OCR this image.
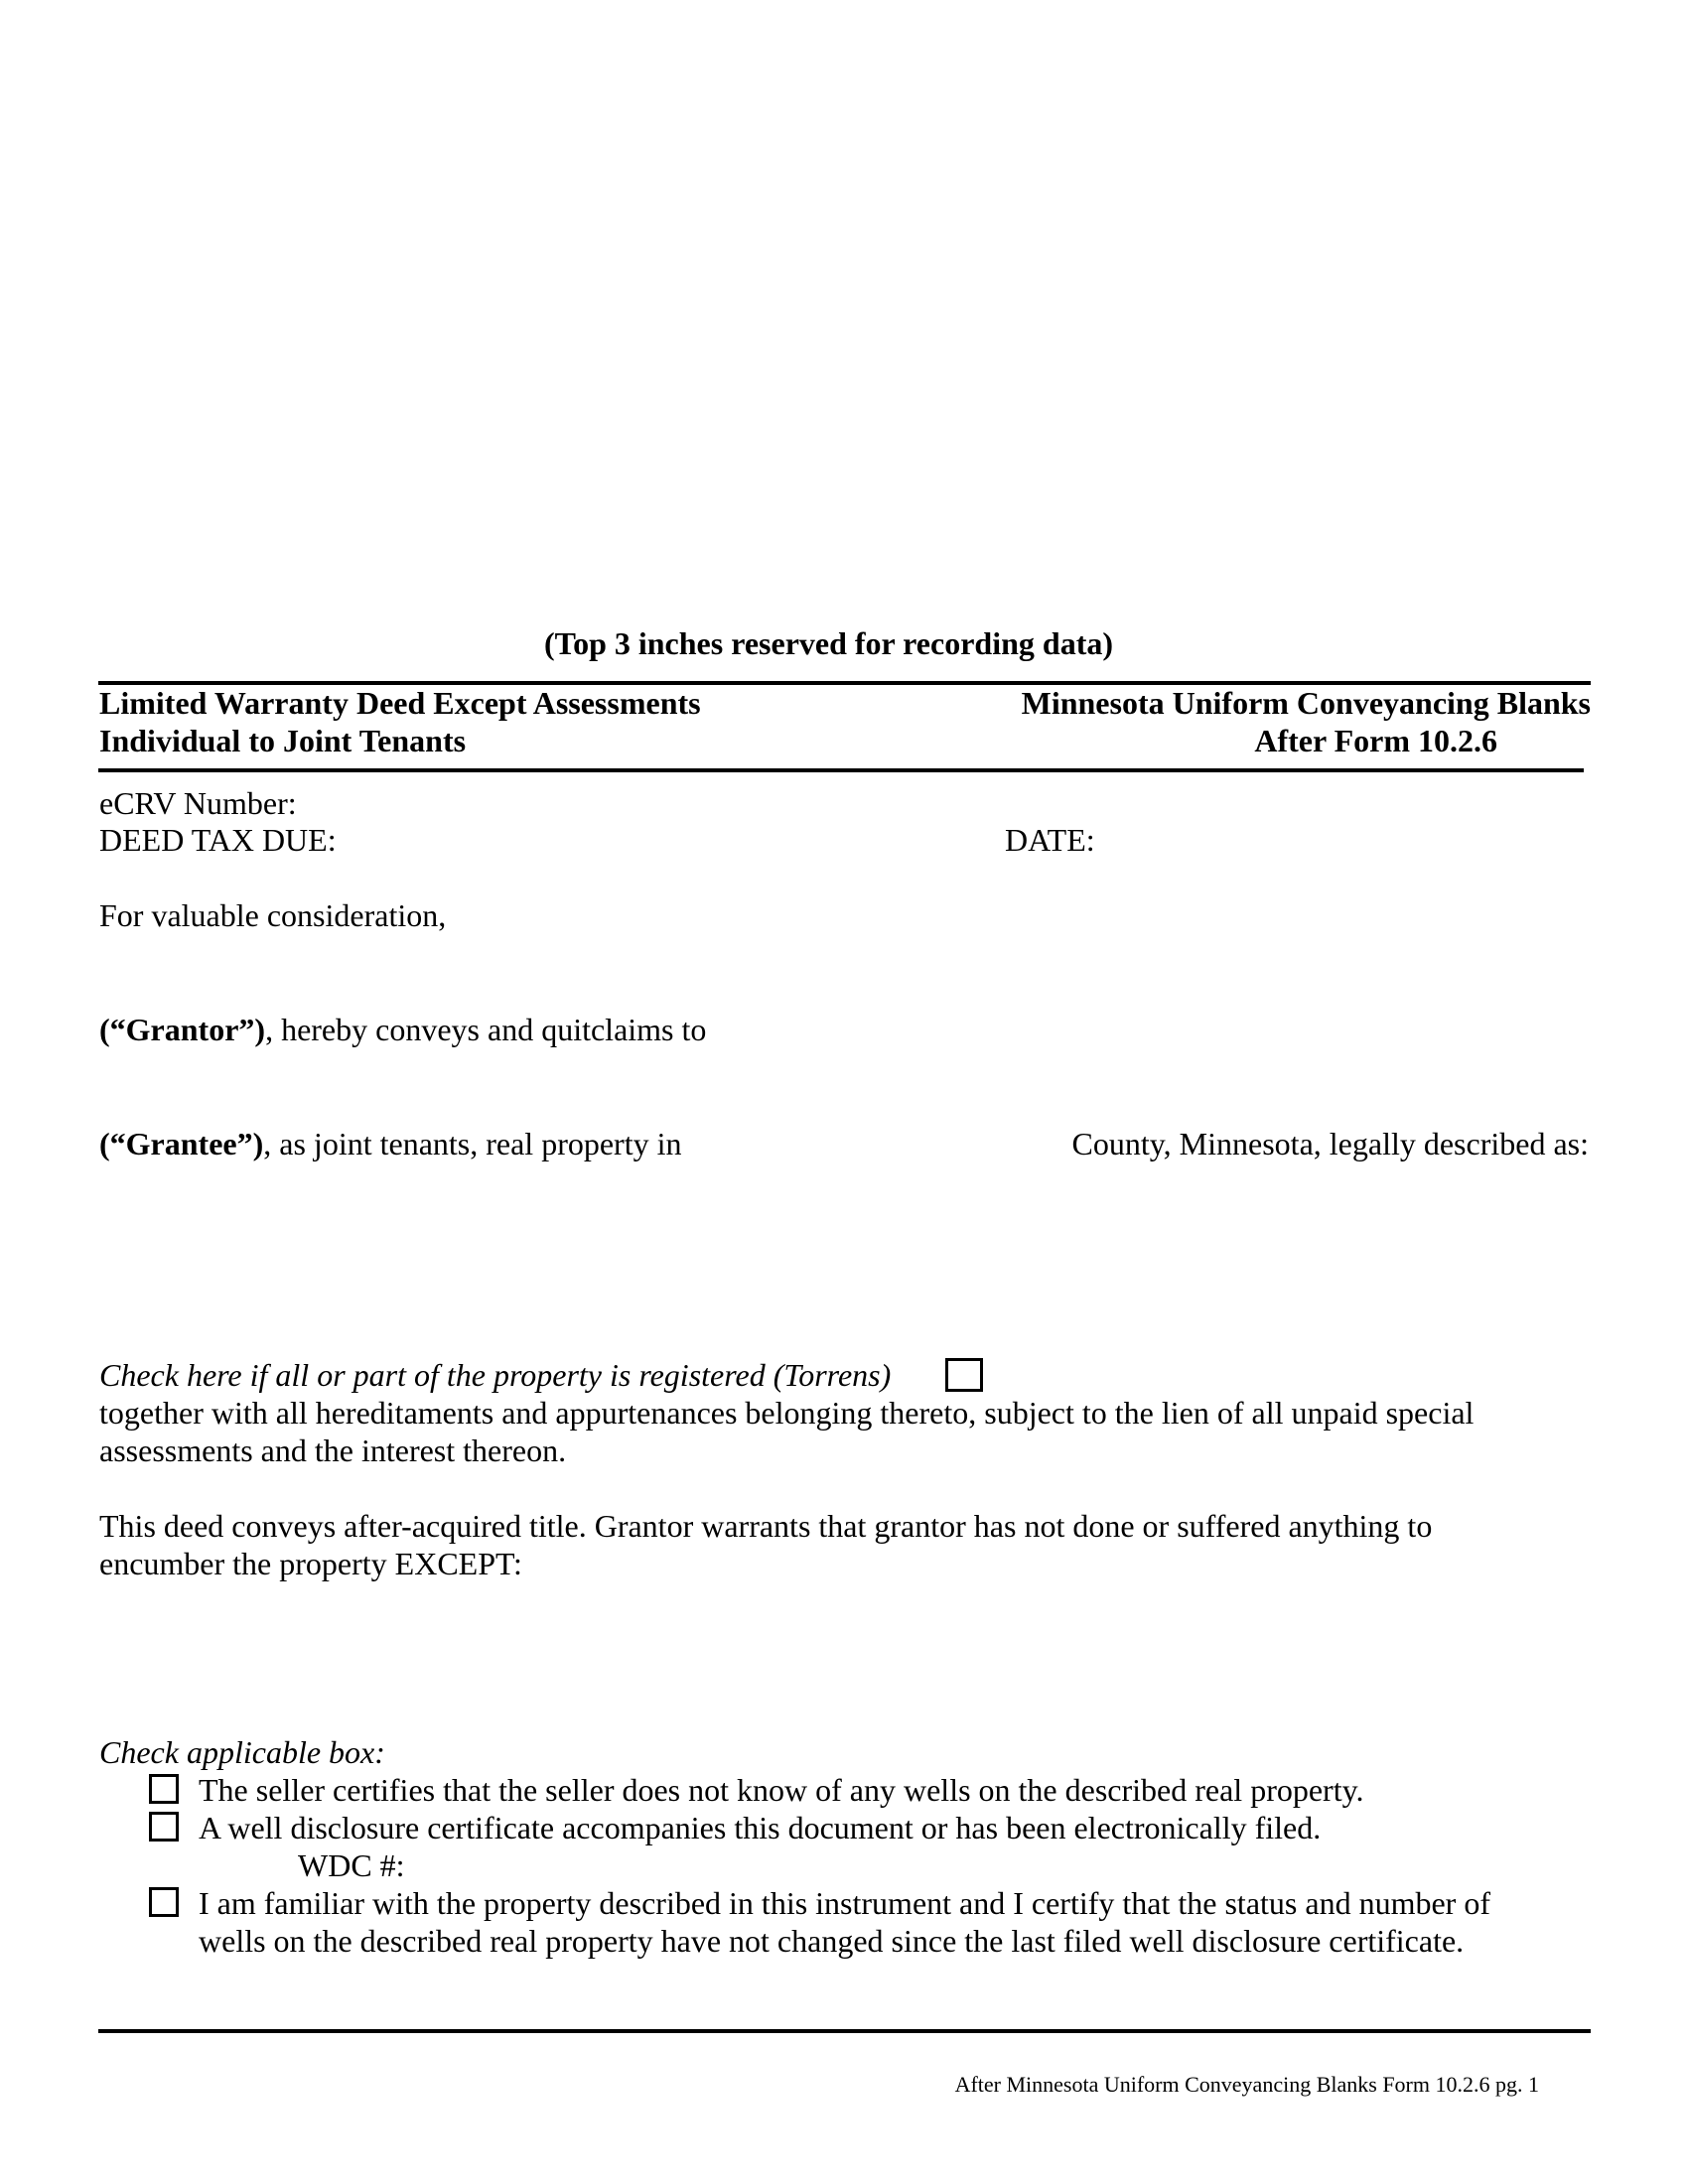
(Top 3 inches reserved for recording data)
Limited Warranty Deed Except Assessments
Individual to Joint Tenants
Minnesota Uniform Conveyancing Blanks
After Form 10.2.6
eCRV Number:
DEED TAX DUE:	DATE:
For valuable consideration,
(“Grantor”), hereby conveys and quitclaims to
(“Grantee”), as joint tenants, real property in	County, Minnesota, legally described as:
Check here if all or part of the property is registered (Torrens)
together with all hereditaments and appurtenances belonging thereto, subject to the lien of all unpaid special
assessments and the interest thereon.
This deed conveys after-acquired title. Grantor warrants that grantor has not done or suffered anything to
encumber the property EXCEPT:
Check applicable box:
The seller certifies that the seller does not know of any wells on the described real property.
A well disclosure certificate accompanies this document or has been electronically filed.
WDC #:
I am familiar with the property described in this instrument and I certify that the status and number of
wells on the described real property have not changed since the last filed well disclosure certificate.
After Minnesota Uniform Conveyancing Blanks Form 10.2.6 pg. 1
